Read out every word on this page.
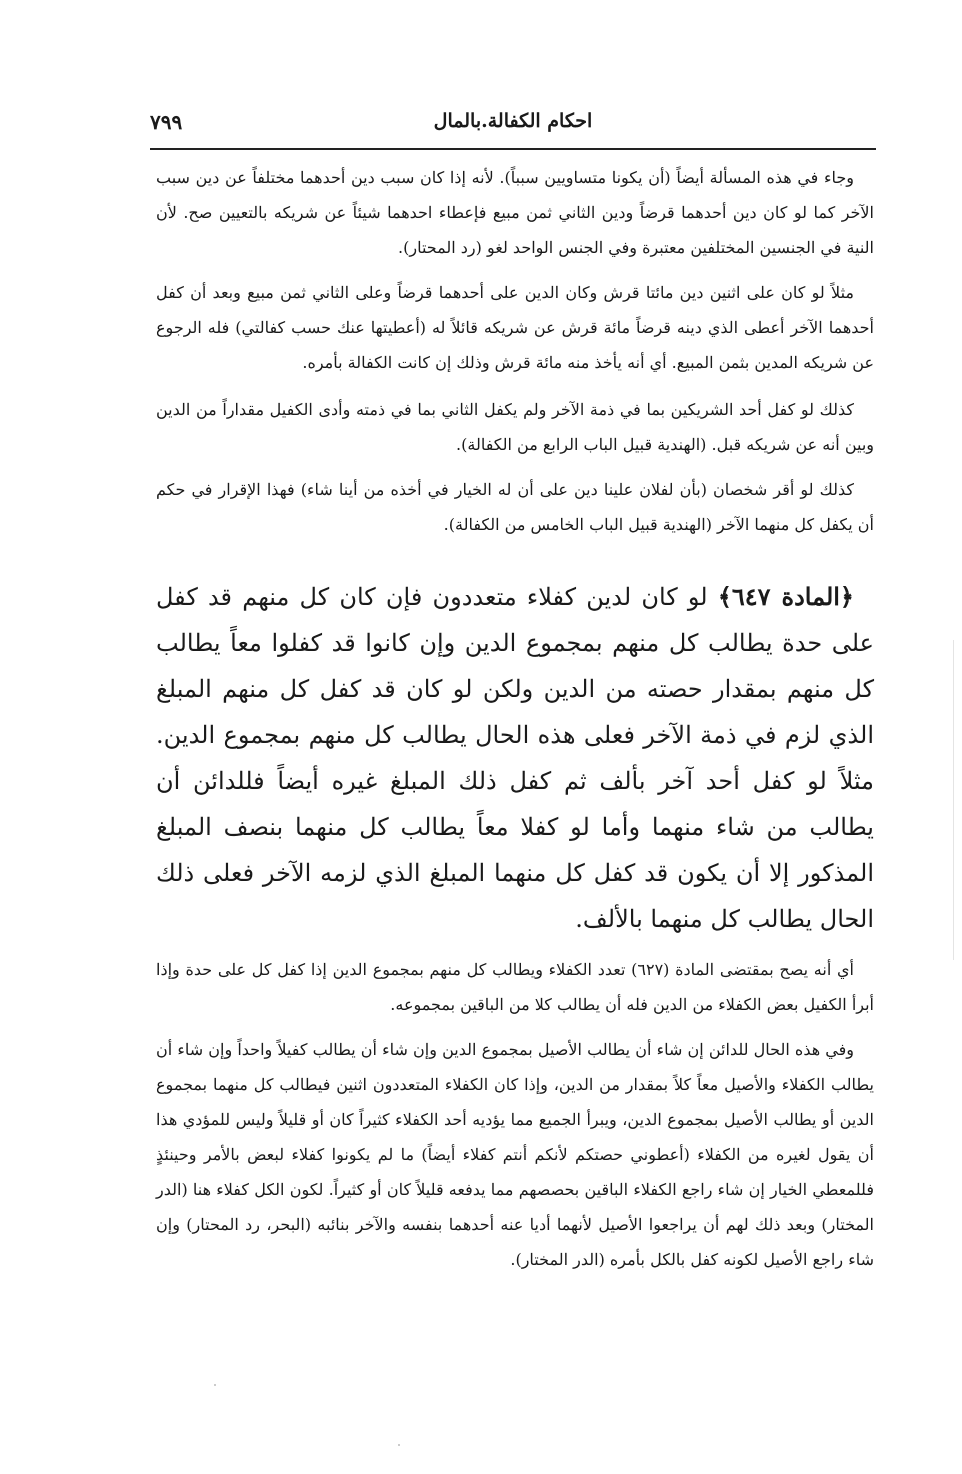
احكام الكفالة.بالمال
٧٩٩

وجاء في هذه المسألة أيضاً (أن يكونا متساويين سبباً). لأنه إذا كان سبب دين أحدهما مختلفاً عن دين سبب الآخر كما لو كان دين أحدهما قرضاً ودين الثاني ثمن مبيع فإعطاء احدهما شيئاً عن شريكه بالتعيين صح. لأن النية في الجنسين المختلفين معتبرة وفي الجنس الواحد لغو (رد المحتار).

مثلاً لو كان على اثنين دين مائتا قرش وكان الدين على أحدهما قرضاً وعلى الثاني ثمن مبيع وبعد أن كفل أحدهما الآخر أعطى الذي دينه قرضاً مائة قرش عن شريكه قائلاً له (أعطيتها عنك حسب كفالتي) فله الرجوع عن شريكه المدين بثمن المبيع. أي أنه يأخذ منه مائة قرش وذلك إن كانت الكفالة بأمره.

كذلك لو كفل أحد الشريكين بما في ذمة الآخر ولم يكفل الثاني بما في ذمته وأدى الكفيل مقداراً من الدين وبين أنه عن شريكه قبل. (الهندية قبيل الباب الرابع من الكفالة).

كذلك لو أقر شخصان (بأن لفلان علينا دين على أن له الخيار في أخذه من أينا شاء) فهذا الإقرار في حكم أن يكفل كل منهما الآخر (الهندية قبيل الباب الخامس من الكفالة).

﴿المادة ٦٤٧﴾ لو كان لدين كفلاء متعددون فإن كان كل منهم قد كفل على حدة يطالب كل منهم بمجموع الدين وإن كانوا قد كفلوا معاً يطالب كل منهم بمقدار حصته من الدين ولكن لو كان قد كفل كل منهم المبلغ الذي لزم في ذمة الآخر فعلى هذه الحال يطالب كل منهم بمجموع الدين. مثلاً لو كفل أحد آخر بألف ثم كفل ذلك المبلغ غيره أيضاً فللدائن أن يطالب من شاء منهما وأما لو كفلا معاً يطالب كل منهما بنصف المبلغ المذكور إلا أن يكون قد كفل كل منهما المبلغ الذي لزمه الآخر فعلى ذلك الحال يطالب كل منهما بالألف.

أي أنه يصح بمقتضى المادة (٦٢٧) تعدد الكفلاء ويطالب كل منهم بمجموع الدين إذا كفل كل على حدة وإذا أبرأ الكفيل بعض الكفلاء من الدين فله أن يطالب كلا من الباقين بمجموعه.

وفي هذه الحال للدائن إن شاء أن يطالب الأصيل بمجموع الدين وإن شاء أن يطالب كفيلاً واحداً وإن شاء أن يطالب الكفلاء والأصيل معاً كلاً بمقدار من الدين، وإذا كان الكفلاء المتعددون اثنين فيطالب كل منهما بمجموع الدين أو يطالب الأصيل بمجموع الدين، ويبرأ الجميع مما يؤديه أحد الكفلاء كثيراً كان أو قليلاً وليس للمؤدي هذا أن يقول لغيره من الكفلاء (أعطوني حصتكم لأنكم أنتم كفلاء أيضاً) ما لم يكونوا كفلاء لبعض بالأمر وحينئذٍ فللمعطي الخيار إن شاء راجع الكفلاء الباقين بحصصهم مما يدفعه قليلاً كان أو كثيراً. لكون الكل كفلاء هنا (الدر المختار) وبعد ذلك لهم أن يراجعوا الأصيل لأنهما أديا عنه أحدهما بنفسه والآخر بنائبه (البحر، رد المحتار) وإن شاء راجع الأصيل لكونه كفل بالكل بأمره (الدر المختار).
